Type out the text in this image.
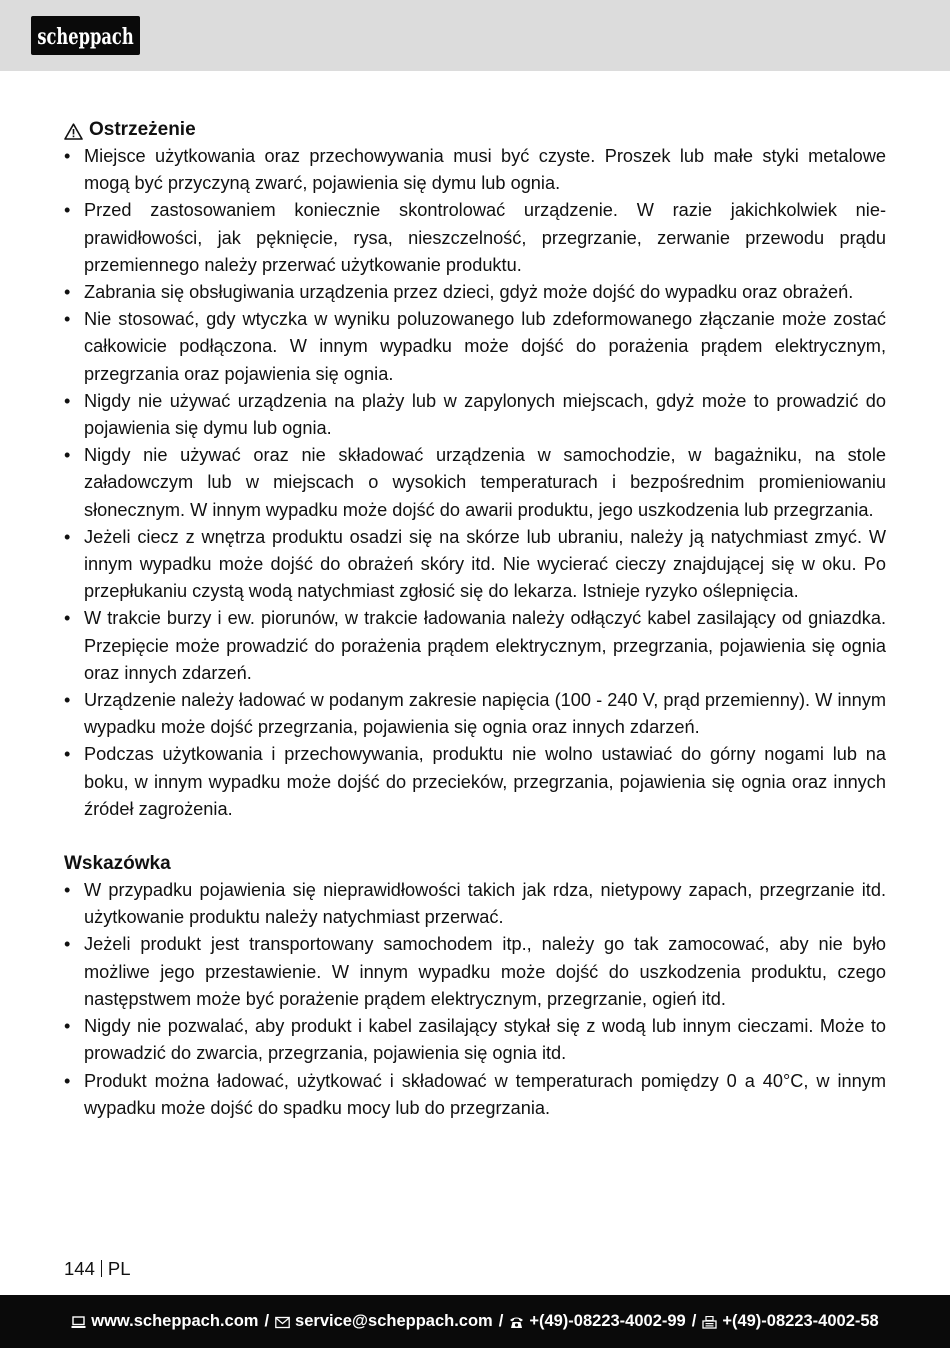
scheppach
Ostrzeżenie
• Miejsce użytkowania oraz przechowywania musi być czyste. Proszek lub małe styki metalowe mogą być przyczyną zwarć, pojawienia się dymu lub ognia.
• Przed zastosowaniem koniecznie skontrolować urządzenie. W razie jakichkolwiek nieprawidłowości, jak pęknięcie, rysa, nieszczelność, przegrzanie, zerwanie przewodu prądu przemiennego należy przerwać użytkowanie produktu.
• Zabrania się obsługiwania urządzenia przez dzieci, gdyż może dojść do wypadku oraz obrażeń.
• Nie stosować, gdy wtyczka w wyniku poluzowanego lub zdeformowanego złączanie może zostać całkowicie podłączona. W innym wypadku może dojść do porażenia prądem elektrycznym, przegrzania oraz pojawienia się ognia.
• Nigdy nie używać urządzenia na plaży lub w zapylonych miejscach, gdyż może to prowadzić do pojawienia się dymu lub ognia.
• Nigdy nie używać oraz nie składować urządzenia w samochodzie, w bagażniku, na stole załadowczym lub w miejscach o wysokich temperaturach i bezpośrednim promieniowaniu słonecznym. W innym wypadku może dojść do awarii produktu, jego uszkodzenia lub przegrzania.
• Jeżeli ciecz z wnętrza produktu osadzi się na skórze lub ubraniu, należy ją natychmiast zmyć. W innym wypadku może dojść do obrażeń skóry itd. Nie wycierać cieczy znajdującej się w oku. Po przepłukaniu czystą wodą natychmiast zgłosić się do lekarza. Istnieje ryzyko oślepnięcia.
• W trakcie burzy i ew. piorunów, w trakcie ładowania należy odłączyć kabel zasilający od gniazdka. Przepięcie może prowadzić do porażenia prądem elektrycznym, przegrzania, pojawienia się ognia oraz innych zdarzeń.
• Urządzenie należy ładować w podanym zakresie napięcia (100 - 240 V, prąd przemienny). W innym wypadku może dojść przegrzania, pojawienia się ognia oraz innych zdarzeń.
• Podczas użytkowania i przechowywania, produktu nie wolno ustawiać do górny nogami lub na boku, w innym wypadku może dojść do przecieków, przegrzania, pojawienia się ognia oraz innych źródeł zagrożenia.
Wskazówka
• W przypadku pojawienia się nieprawidłowości takich jak rdza, nietypowy zapach, przegrzanie itd. użytkowanie produktu należy natychmiast przerwać.
• Jeżeli produkt jest transportowany samochodem itp., należy go tak zamocować, aby nie było możliwe jego przestawienie. W innym wypadku może dojść do uszkodzenia produktu, czego następstwem może być porażenie prądem elektrycznym, przegrzanie, ogień itd.
• Nigdy nie pozwalać, aby produkt i kabel zasilający stykał się z wodą lub innym cieczami. Może to prowadzić do zwarcia, przegrzania, pojawienia się ognia itd.
• Produkt można ładować, użytkować i składować w temperaturach pomiędzy 0 a 40°C, w innym wypadku może dojść do spadku mocy lub do przegrzania.
144 PL
www.scheppach.com / service@scheppach.com / +(49)-08223-4002-99 / +(49)-08223-4002-58
